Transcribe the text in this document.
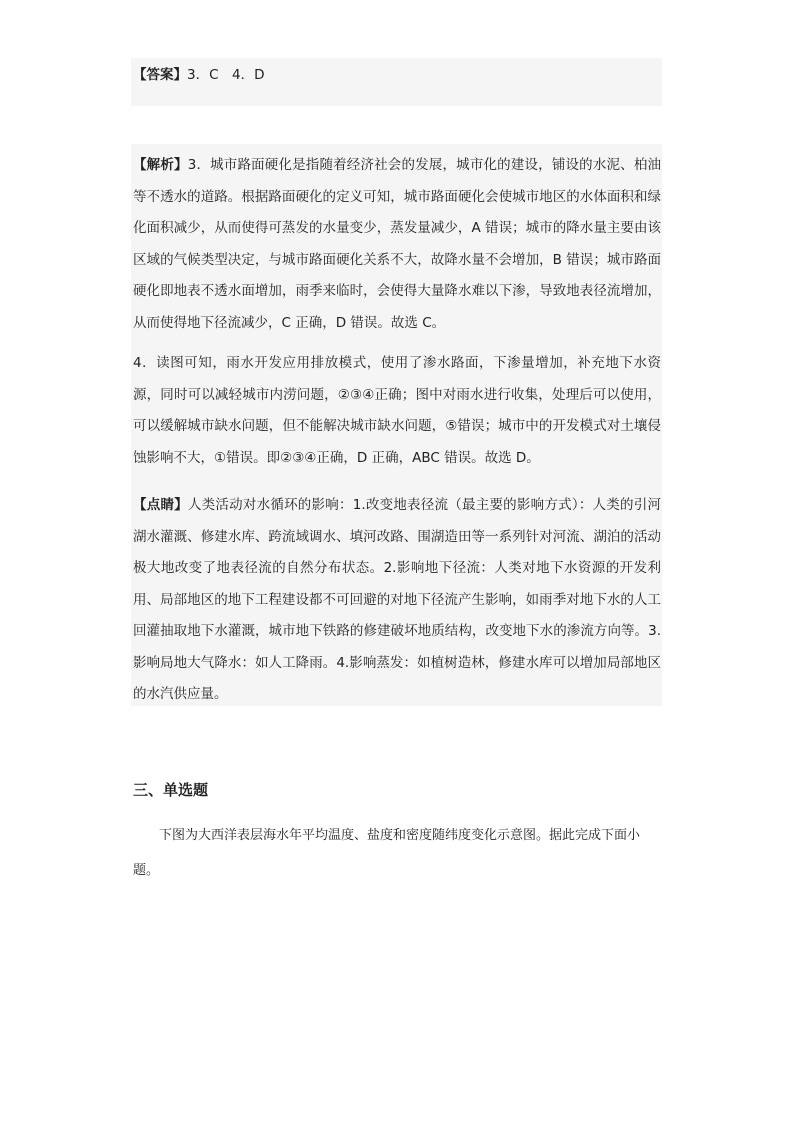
【答案】3．C　4．D
【解析】3．城市路面硬化是指随着经济社会的发展，城市化的建设，铺设的水泥、柏油等不透水的道路。根据路面硬化的定义可知，城市路面硬化会使城市地区的水体面积和绿化面积减少，从而使得可蒸发的水量变少，蒸发量减少，A 错误；城市的降水量主要由该区域的气候类型决定，与城市路面硬化关系不大，故降水量不会增加，B 错误；城市路面硬化即地表不透水面增加，雨季来临时，会使得大量降水难以下渗，导致地表径流增加，从而使得地下径流减少，C 正确，D 错误。故选 C。
4．读图可知，雨水开发应用排放模式，使用了渗水路面，下渗量增加，补充地下水资源，同时可以减轻城市内涝问题，②③④正确；图中对雨水进行收集，处理后可以使用，可以缓解城市缺水问题，但不能解决城市缺水问题，⑤错误；城市中的开发模式对土壤侵蚀影响不大，①错误。即②③④正确，D 正确，ABC 错误。故选 D。
【点睛】人类活动对水循环的影响：1.改变地表径流（最主要的影响方式）：人类的引河湖水灌溉、修建水库、跨流域调水、填河改路、围湖造田等一系列针对河流、湖泊的活动极大地改变了地表径流的自然分布状态。2.影响地下径流：人类对地下水资源的开发利用、局部地区的地下工程建设都不可回避的对地下径流产生影响，如雨季对地下水的人工回灌抽取地下水灌溉，城市地下铁路的修建破坏地质结构，改变地下水的渗流方向等。3.影响局地大气降水：如人工降雨。4.影响蒸发：如植树造林，修建水库可以增加局部地区的水汽供应量。
三、单选题
下图为大西洋表层海水年平均温度、盐度和密度随纬度变化示意图。据此完成下面小题。
